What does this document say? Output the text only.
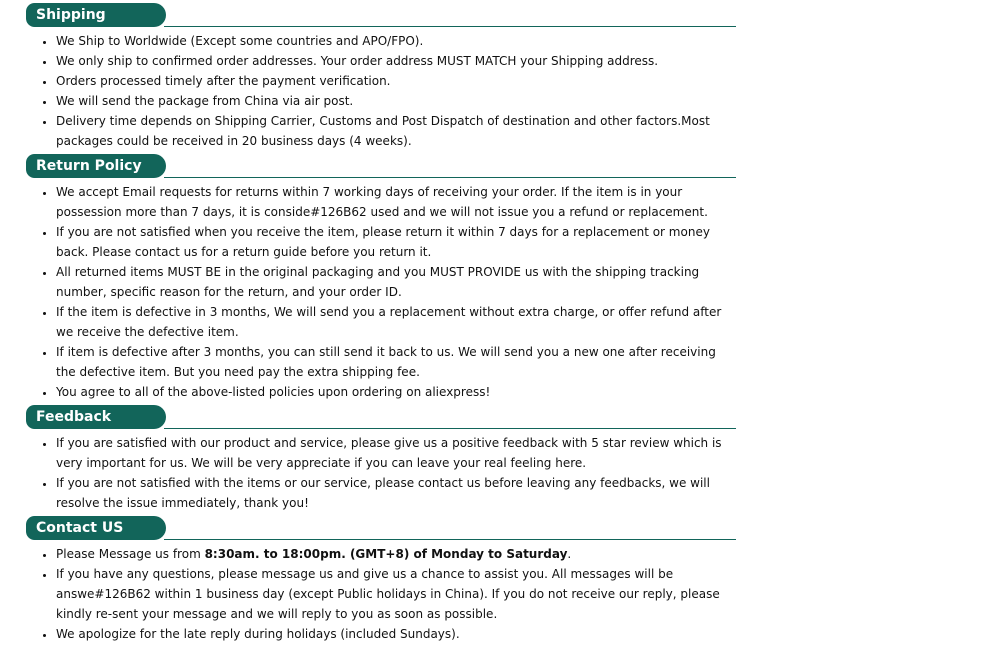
Shipping
• We Ship to Worldwide (Except some countries and APO/FPO).
• We only ship to confirmed order addresses. Your order address MUST MATCH your Shipping address.
• Orders processed timely after the payment verification.
• We will send the package from China via air post.
• Delivery time depends on Shipping Carrier, Customs and Post Dispatch of destination and other factors.Most packages could be received in 20 business days (4 weeks).
Return Policy
• We accept Email requests for returns within 7 working days of receiving your order. If the item is in your possession more than 7 days, it is conside#126B62 used and we will not issue you a refund or replacement.
• If you are not satisfied when you receive the item, please return it within 7 days for a replacement or money back. Please contact us for a return guide before you return it.
• All returned items MUST BE in the original packaging and you MUST PROVIDE us with the shipping tracking number, specific reason for the return, and your order ID.
• If the item is defective in 3 months, We will send you a replacement without extra charge, or offer refund after we receive the defective item.
• If item is defective after 3 months, you can still send it back to us. We will send you a new one after receiving the defective item. But you need pay the extra shipping fee.
• You agree to all of the above-listed policies upon ordering on aliexpress!
Feedback
• If you are satisfied with our product and service, please give us a positive feedback with 5 star review which is very important for us. We will be very appreciate if you can leave your real feeling here.
• If you are not satisfied with the items or our service, please contact us before leaving any feedbacks, we will resolve the issue immediately, thank you!
Contact US
• Please Message us from 8:30am. to 18:00pm. (GMT+8) of Monday to Saturday.
• If you have any questions, please message us and give us a chance to assist you. All messages will be answe#126B62 within 1 business day (except Public holidays in China). If you do not receive our reply, please kindly re-sent your message and we will reply to you as soon as possible.
• We apologize for the late reply during holidays (included Sundays).
